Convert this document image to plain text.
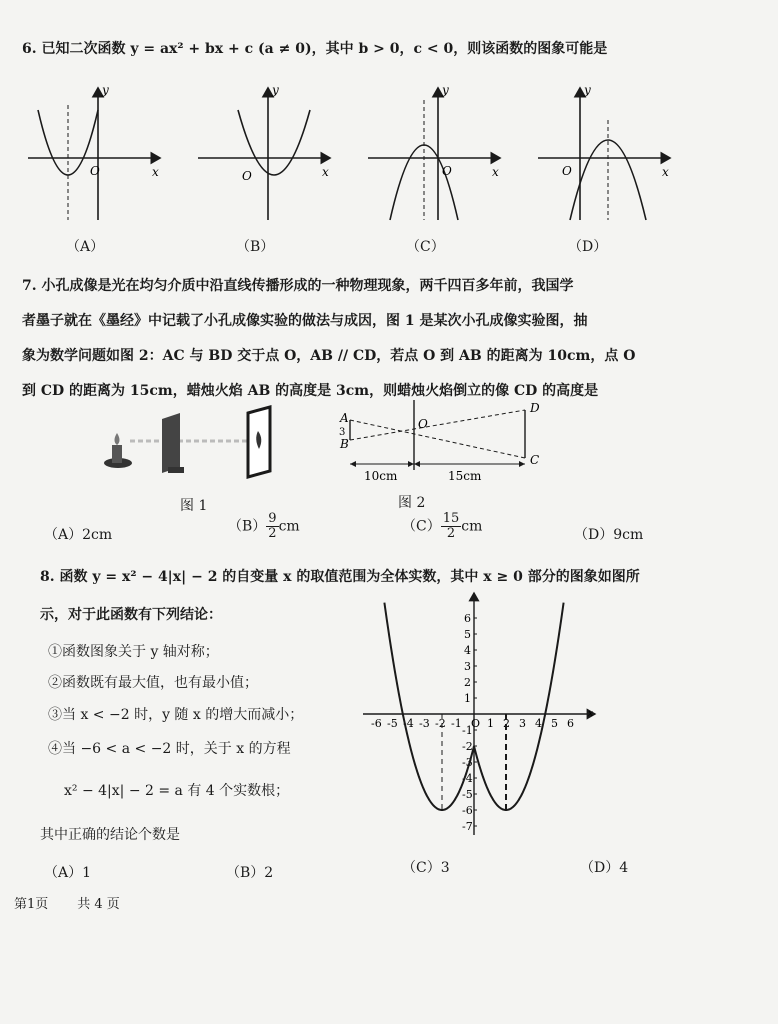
6. 已知二次函数 y = ax² + bx + c (a ≠ 0)，其中 b > 0，c < 0，则该函数的图象可能是
y
x
O
y
x
O
y
x
O
y
x
O
（A）	（B）	（C）	（D）
7. 小孔成像是光在均匀介质中沿直线传播形成的一种物理现象，两千四百多年前，我国学
者墨子就在《墨经》中记载了小孔成像实验的做法与成因，图 1 是某次小孔成像实验图，抽
象为数学问题如图 2：AC 与 BD 交于点 O，AB // CD，若点 O 到 AB 的距离为 10cm，点 O
到 CD 的距离为 15cm，蜡烛火焰 AB 的高度是 3cm，则蜡烛火焰倒立的像 CD 的高度是
图 1
A
3
B
O
D
C
10cm	15cm
图 2
（A）2cm
$(B) \frac{9}{2}$ cm	$(C) \frac{15}{2}$ cm
（D）9cm
8. 函数 y = x² − 4|x| − 2 的自变量 x 的取值范围为全体实数，其中 x ≥ 0 部分的图象如图所
示，对于此函数有下列结论：
①函数图象关于 y 轴对称；
②函数既有最大值，也有最小值；
③当 x < −2 时，y 随 x 的增大而减小；
④当 −6 < a < −2 时，关于 x 的方程
x² − 4|x| − 2 = a 有 4 个实数根；
其中正确的结论个数是
-6 -5 -4 -3 -2 -1 O 1 2 3 4 5 6
6
5
4
3
2
1
-1
-2
-3
-4
-5
-6
-7
x
（A）1	（B）2	（C）3	（D）4
第1页 共 4 页
